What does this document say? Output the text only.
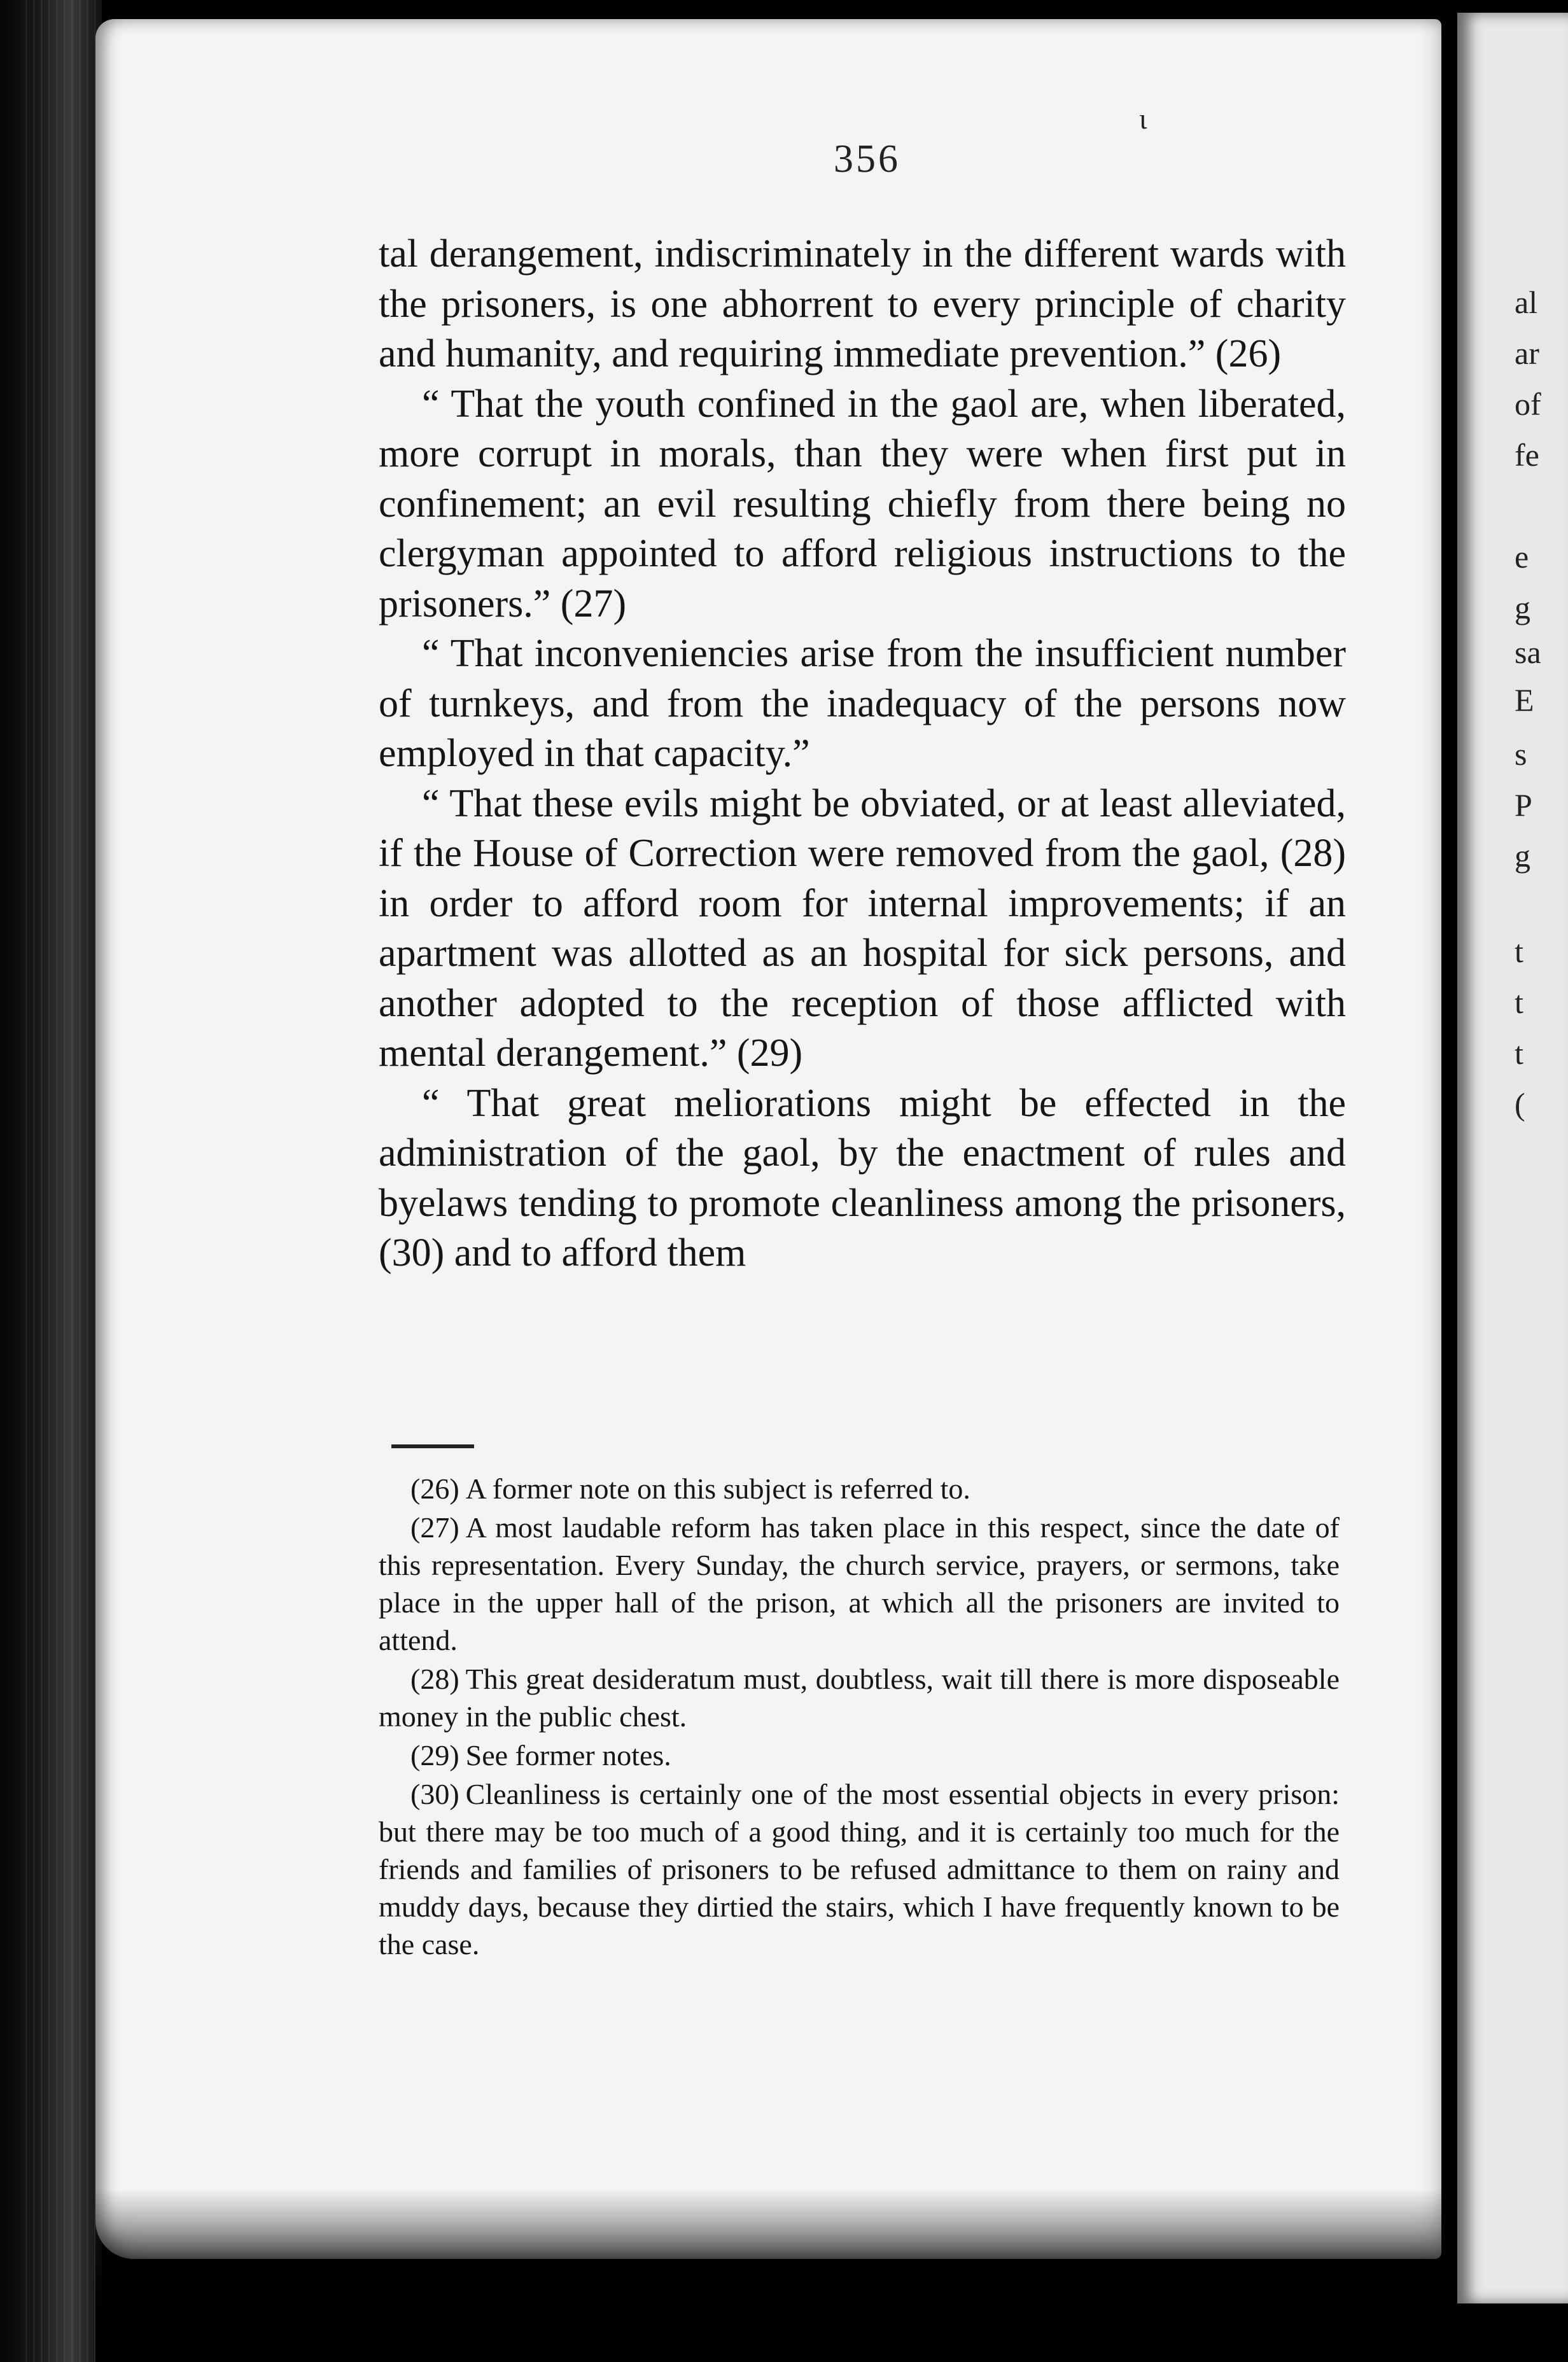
al
ar
of
fe
e
g
sa
E
s
P
g
t
t
t
(
ι
356

tal derangement, indiscriminately in the different wards with the prisoners, is one abhorrent to every principle of charity and humanity, and requiring immediate prevention.” (26)

“ That the youth confined in the gaol are, when liberated, more corrupt in morals, than they were when first put in confinement; an evil resulting chiefly from there being no clergyman appointed to afford religious instructions to the prisoners.” (27)

“ That inconveniencies arise from the insufficient number of turnkeys, and from the inadequacy of the persons now employed in that capacity.”

“ That these evils might be obviated, or at least alleviated, if the House of Correction were removed from the gaol, (28) in order to afford room for internal improvements; if an apartment was allotted as an hospital for sick persons, and another adopted to the reception of those afflicted with mental derangement.” (29)

“ That great meliorations might be effected in the administration of the gaol, by the enactment of rules and byelaws tending to promote cleanliness among the prisoners, (30) and to afford them

(26) A former note on this subject is referred to.

(27) A most laudable reform has taken place in this respect, since the date of this representation. Every Sunday, the church service, prayers, or sermons, take place in the upper hall of the prison, at which all the prisoners are invited to attend.

(28) This great desideratum must, doubtless, wait till there is more disposeable money in the public chest.

(29) See former notes.

(30) Cleanliness is certainly one of the most essential objects in every prison: but there may be too much of a good thing, and it is certainly too much for the friends and families of prisoners to be refused admittance to them on rainy and muddy days, because they dirtied the stairs, which I have frequently known to be the case.
